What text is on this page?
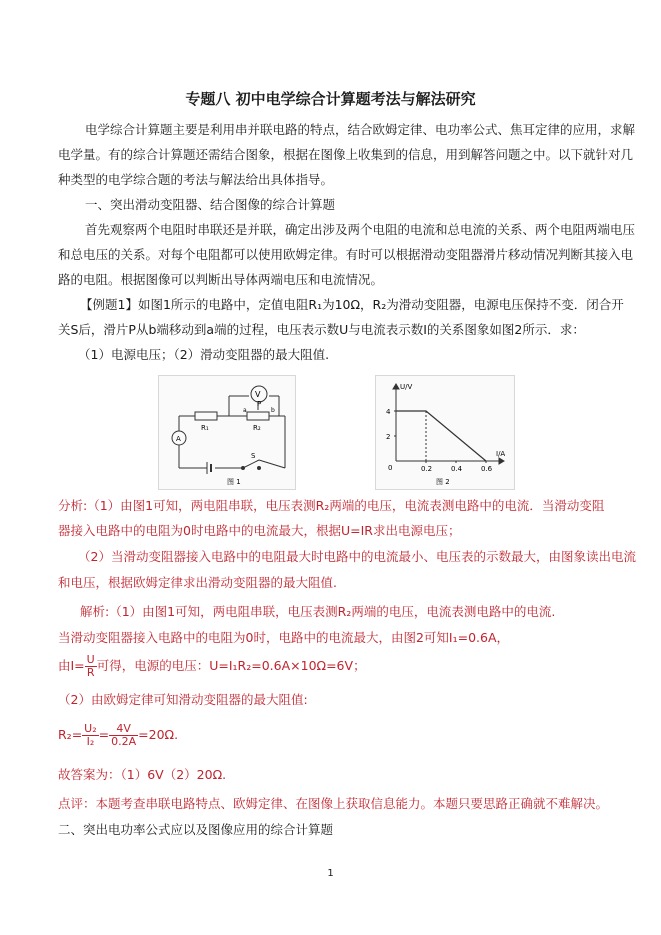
专题八 初中电学综合计算题考法与解法研究
电学综合计算题主要是利用串并联电路的特点，结合欧姆定律、电功率公式、焦耳定律的应用，求解
电学量。有的综合计算题还需结合图象，根据在图像上收集到的信息，用到解答问题之中。以下就针对几
种类型的电学综合题的考法与解法给出具体指导。
一、突出滑动变阻器、结合图像的综合计算题
首先观察两个电阻时串联还是并联，确定出涉及两个电阻的电流和总电流的关系、两个电阻两端电压
和总电压的关系。对每个电阻都可以使用欧姆定律。有时可以根据滑动变阻器滑片移动情况判断其接入电
路的电阻。根据图像可以判断出导体两端电压和电流情况。
【例题1】如图1所示的电路中，定值电阻R₁为10Ω，R₂为滑动变阻器，电源电压保持不变．闭合开
关S后，滑片P从b端移动到a端的过程，电压表示数U与电流表示数I的关系图象如图2所示．求：
（1）电源电压；（2）滑动变阻器的最大阻值.
V
A
P
a	b
R₁	R₂
S
图 1
U/V
I/A
0
图 2
4
2
0.2	0.4	0.6
分析:（1）由图1可知，两电阻串联，电压表测R₂两端的电压，电流表测电路中的电流．当滑动变阻
器接入电路中的电阻为0时电路中的电流最大，根据U=IR求出电源电压；
（2）当滑动变阻器接入电路中的电阻最大时电路中的电流最小、电压表的示数最大，由图象读出电流
和电压，根据欧姆定律求出滑动变阻器的最大阻值.
解析:（1）由图1可知，两电阻串联，电压表测R₂两端的电压，电流表测电路中的电流.
当滑动变阻器接入电路中的电阻为0时，电路中的电流最大，由图2可知I₁=0.6A，
由$I= \frac{U}{R}$ 可得，电源的电压：U=I₁R₂=0.6A×10Ω=6V；
（2）由欧姆定律可知滑动变阻器的最大阻值:
$R_2= \frac{\text{U₂}}{\text{I₂}} = \frac{4V}{0.2A} =20\Omega$.
故答案为：（1）6V（2）20Ω.
点评：本题考查串联电路特点、欧姆定律、在图像上获取信息能力。本题只要思路正确就不难解决。
二、突出电功率公式应以及图像应用的综合计算题
1
